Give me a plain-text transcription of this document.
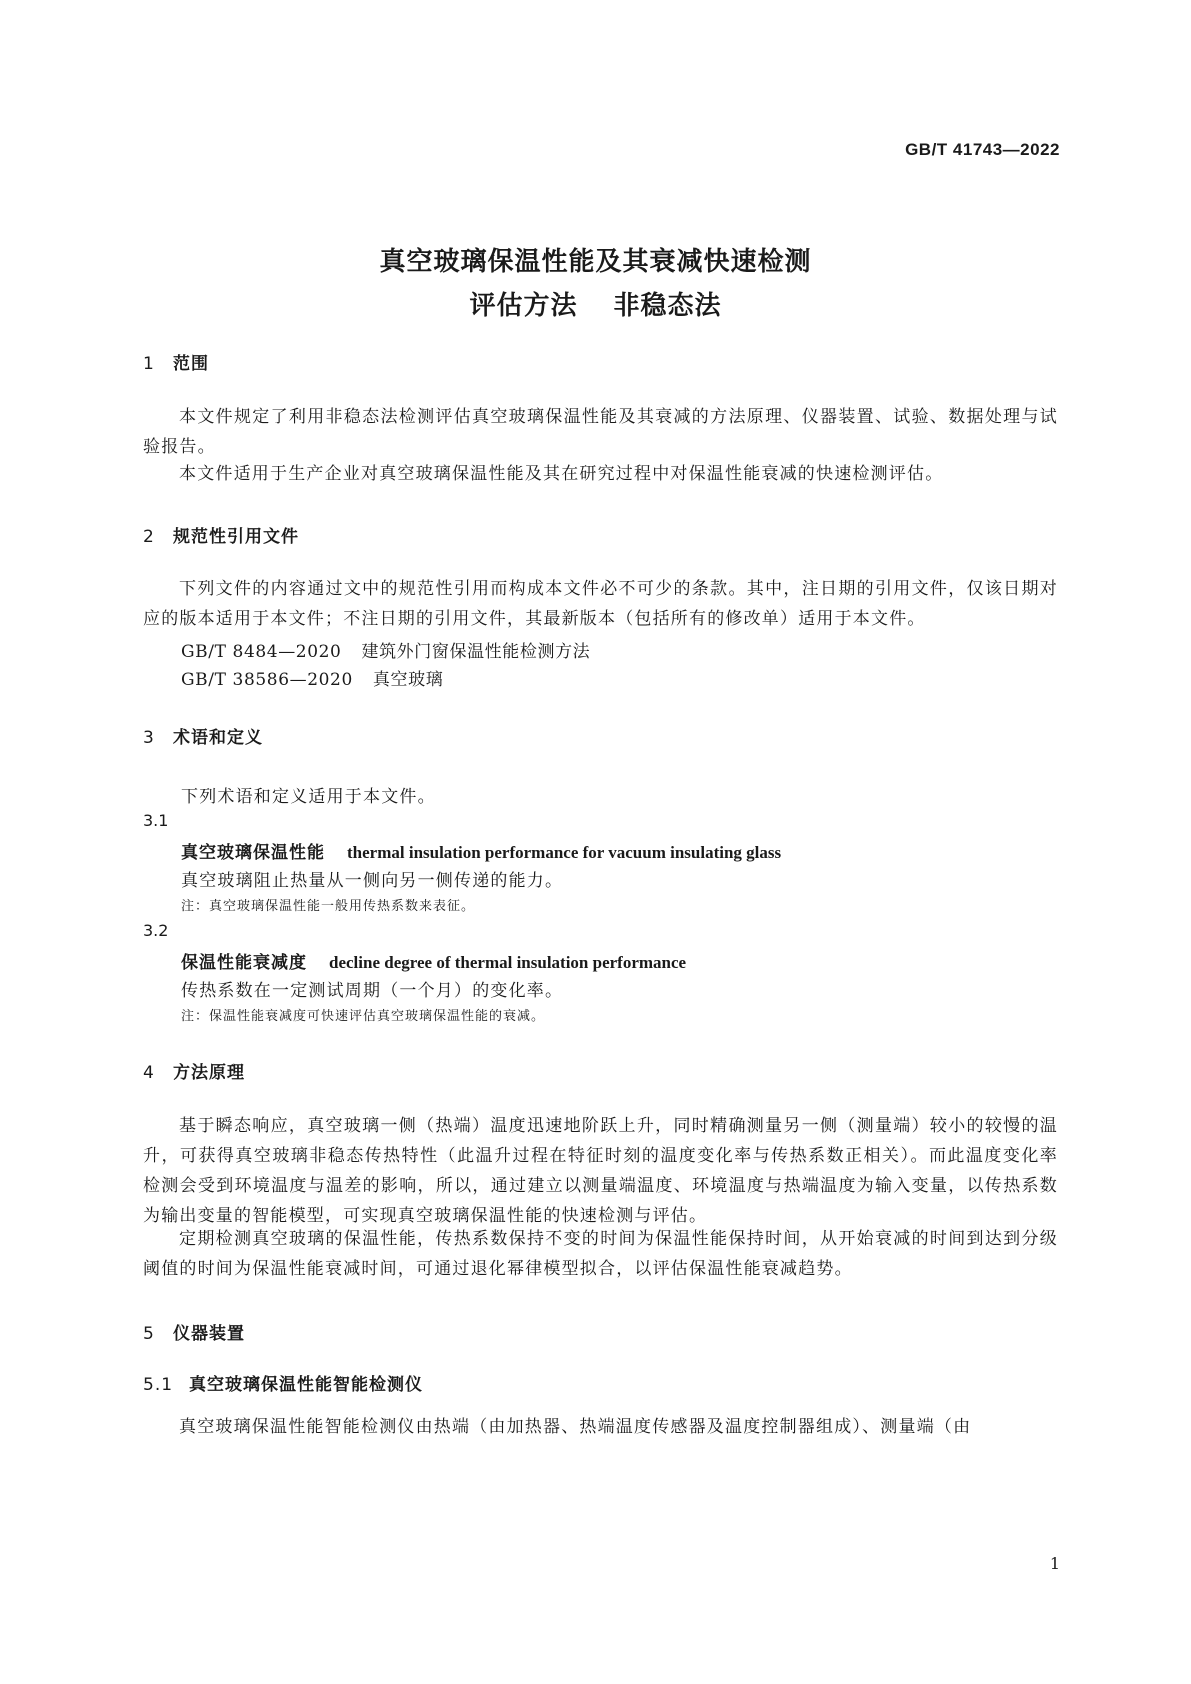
GB/T 41743—2022
真空玻璃保温性能及其衰减快速检测
评估方法 非稳态法
1 范围
本文件规定了利用非稳态法检测评估真空玻璃保温性能及其衰减的方法原理、仪器装置、试验、数据处理与试验报告。
本文件适用于生产企业对真空玻璃保温性能及其在研究过程中对保温性能衰减的快速检测评估。
2 规范性引用文件
下列文件的内容通过文中的规范性引用而构成本文件必不可少的条款。其中，注日期的引用文件，仅该日期对应的版本适用于本文件；不注日期的引用文件，其最新版本（包括所有的修改单）适用于本文件。
GB/T 8484—2020 建筑外门窗保温性能检测方法
GB/T 38586—2020 真空玻璃
3 术语和定义
下列术语和定义适用于本文件。
3.1
真空玻璃保温性能 thermal insulation performance for vacuum insulating glass
真空玻璃阻止热量从一侧向另一侧传递的能力。
注：真空玻璃保温性能一般用传热系数来表征。
3.2
保温性能衰减度 decline degree of thermal insulation performance
传热系数在一定测试周期（一个月）的变化率。
注：保温性能衰减度可快速评估真空玻璃保温性能的衰减。
4 方法原理
基于瞬态响应，真空玻璃一侧（热端）温度迅速地阶跃上升，同时精确测量另一侧（测量端）较小的较慢的温升，可获得真空玻璃非稳态传热特性（此温升过程在特征时刻的温度变化率与传热系数正相关）。而此温度变化率检测会受到环境温度与温差的影响，所以，通过建立以测量端温度、环境温度与热端温度为输入变量，以传热系数为输出变量的智能模型，可实现真空玻璃保温性能的快速检测与评估。
定期检测真空玻璃的保温性能，传热系数保持不变的时间为保温性能保持时间，从开始衰减的时间到达到分级阈值的时间为保温性能衰减时间，可通过退化幂律模型拟合，以评估保温性能衰减趋势。
5 仪器装置
5.1 真空玻璃保温性能智能检测仪
真空玻璃保温性能智能检测仪由热端（由加热器、热端温度传感器及温度控制器组成）、测量端（由
1
